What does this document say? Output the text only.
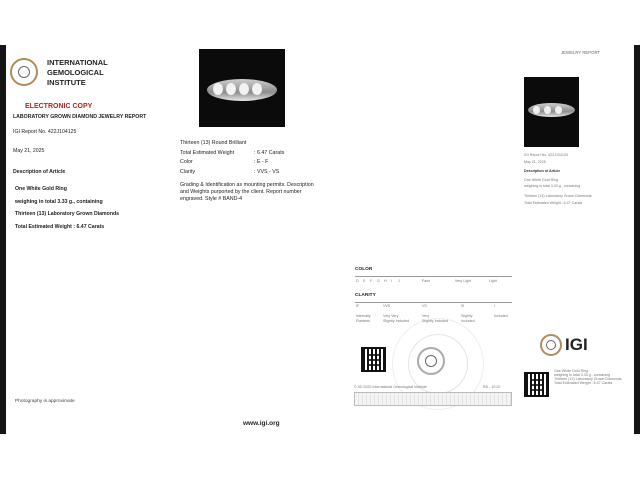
INTERNATIONAL
GEMOLOGICAL
INSTITUTE
ELECTRONIC COPY
LABORATORY GROWN DIAMOND JEWELRY REPORT
IGI Report No. 422J104125
May 21, 2025
Description of Article
One White Gold Ring
weighing in total 3.33 g., containing
Thirteen (13) Laboratory Grown Diamonds
Total Estimated Weight : 6.47 Carats
Photography is approximate
www.igi.org
Thirteen (13) Round Brilliant
Total Estimated Weight	: 6.47 Carats
Color	: E - F
Clarity	: VVS - VS
Grading & Identification as mounting permits. Description
and Weights purported by the client. Report number
engraved. Style # BAND-4
JEWELRY REPORT
COLOR
D E F G H I J	Faint	Very Light	Light
CLARITY
IF	VVS	VS	SI	I
Internally
Flawless
Very Very
Slightly Included
Very
Slightly Included
Slightly
Included
Included
© IGI 2020 International Gemological Institute	RD - 10.20
IGI Report No. 422J104125
May 21, 2025
Description of Article
One White Gold Ring
weighing in total 3.33 g., containing
Thirteen (13) Laboratory Grown Diamonds
Total Estimated Weight : 6.47 Carats
IGI
One White Gold Ring
weighing in total 3.33 g., containing
Thirteen (13) Laboratory Grown Diamonds
Total Estimated Weight : 6.47 Carats
